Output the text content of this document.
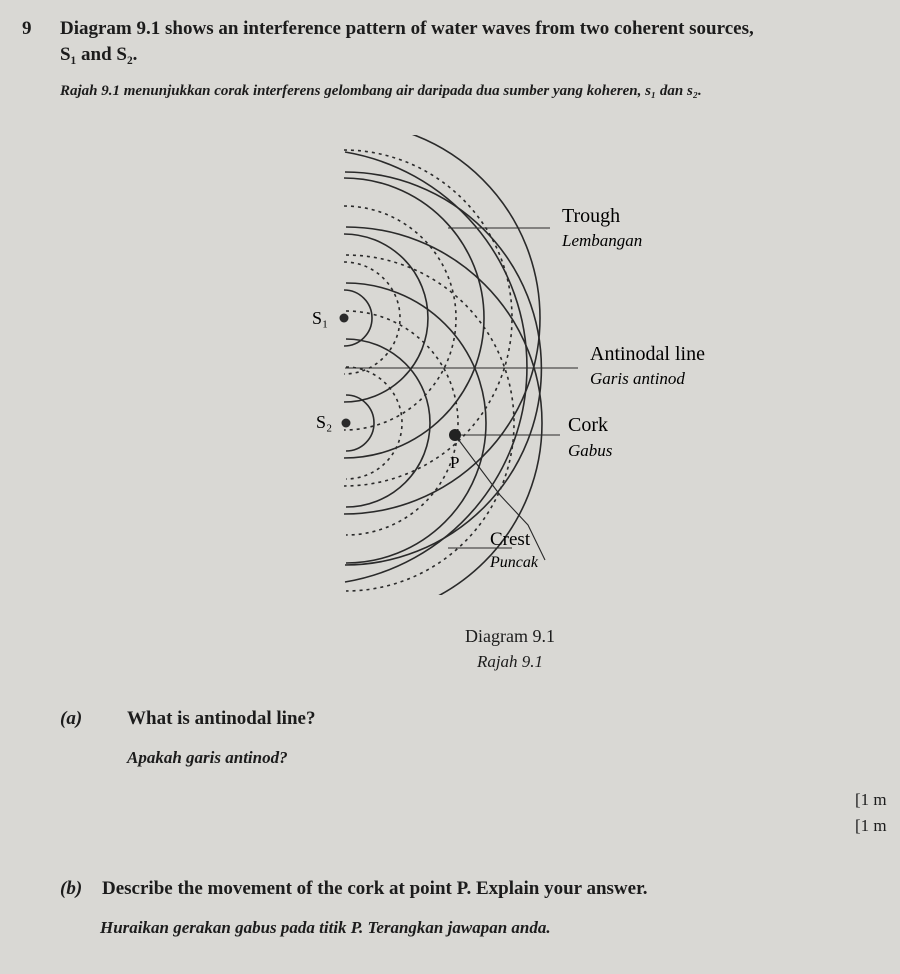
9 Diagram 9.1 shows an interference pattern of water waves from two coherent sources,
S₁ and S₂.
Rajah 9.1 menunjukkan corak interferens gelombang air daripada dua sumber yang koheren, s₁ dan s₂.
S₁
S₂
P
Trough
Lembangan
Antinodal line
Garis antinod
Cork
Gabus
Crest
Puncak
Diagram 9.1
Rajah 9.1
(a) What is antinodal line?
Apakah garis antinod?
[1 m
[1 m
(b) Describe the movement of the cork at point P. Explain your answer.
Huraikan gerakan gabus pada titik P. Terangkan jawapan anda.
